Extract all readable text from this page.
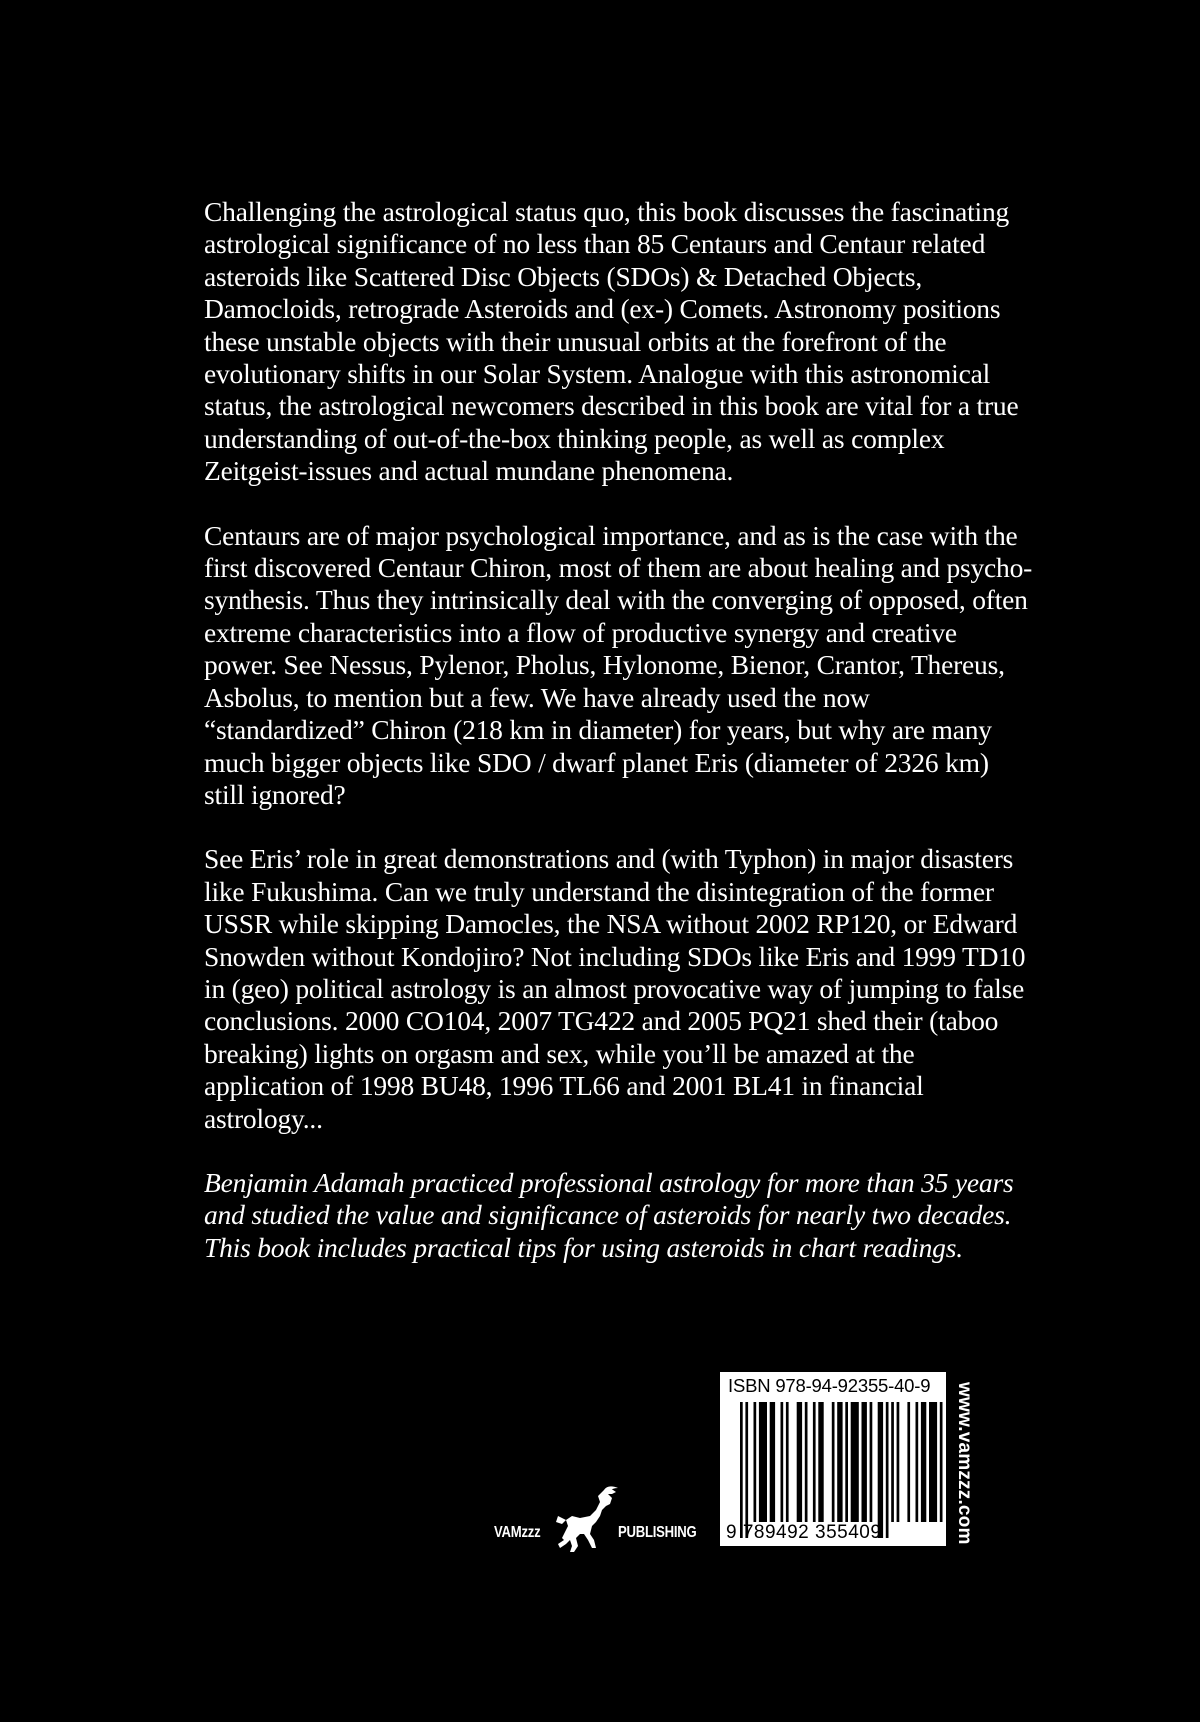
Challenging the astrological status quo, this book discusses the fascinating astrological significance of no less than 85 Centaurs and Centaur related asteroids like Scattered Disc Objects (SDOs) & Detached Objects, Damocloids, retrograde Asteroids and (ex-) Comets. Astronomy positions these unstable objects with their unusual orbits at the forefront of the evolutionary shifts in our Solar System. Analogue with this astronomical status, the astrological newcomers described in this book are vital for a true understanding of out-of-the-box thinking people, as well as complex Zeitgeist-issues and actual mundane phenomena.

Centaurs are of major psychological importance, and as is the case with the first discovered Centaur Chiron, most of them are about healing and psycho-synthesis. Thus they intrinsically deal with the converging of opposed, often extreme characteristics into a flow of productive synergy and creative power. See Nessus, Pylenor, Pholus, Hylonome, Bienor, Crantor, Thereus, Asbolus, to mention but a few. We have already used the now “standardized” Chiron (218 km in diameter) for years, but why are many much bigger objects like SDO / dwarf planet Eris (diameter of 2326 km) still ignored?

See Eris’ role in great demonstrations and (with Typhon) in major disasters like Fukushima. Can we truly understand the disintegration of the former USSR while skipping Damocles, the NSA without 2002 RP120, or Edward Snowden without Kondojiro? Not including SDOs like Eris and 1999 TD10 in (geo) political astrology is an almost provocative way of jumping to false conclusions. 2000 CO104, 2007 TG422 and 2005 PQ21 shed their (taboo breaking) lights on orgasm and sex, while you’ll be amazed at the application of 1998 BU48, 1996 TL66 and 2001 BL41 in financial astrology...

Benjamin Adamah practiced professional astrology for more than 35 years and studied the value and significance of asteroids for nearly two decades. This book includes practical tips for using asteroids in chart readings.

VAMzzz	PUBLISHING
ISBN 978-94-92355-40-9
9 789492 355409	www.vamzzz.com
